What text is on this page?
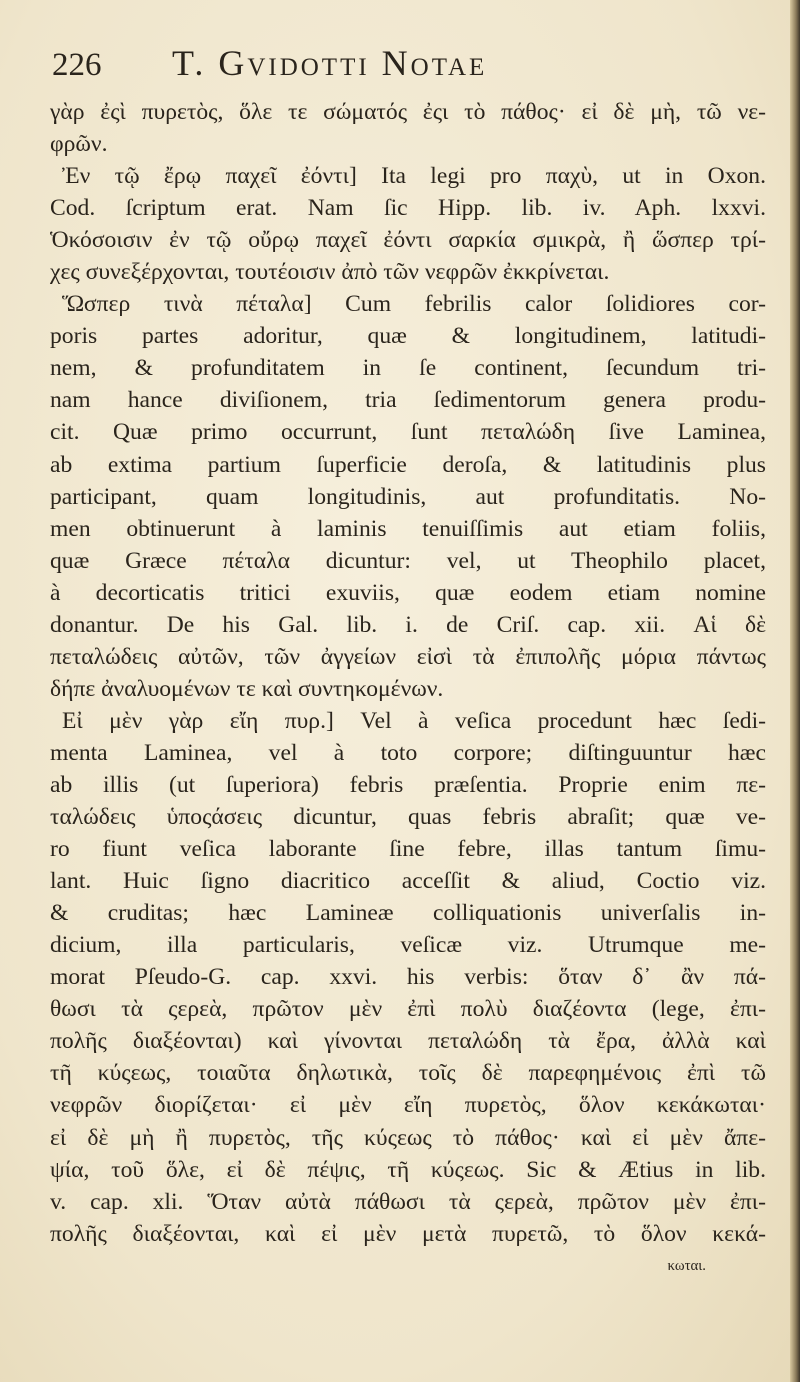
226	T. Gvidotti Notae
γὰρ ἐςὶ πυρετὸς, ὅλε τε σώματός ἐςι τὸ πάθος· εἰ δὲ μὴ, τῶ νε-
φρῶν.
Ἐν τῷ ἔρῳ παχεῖ ἐόντι] Ita legi pro παχὺ, ut in Oxon.
Cod. ſcriptum erat. Nam ſic Hipp. lib. iv. Aph. lxxvi.
Ὁκόσοισιν ἐν τῷ οὔρῳ παχεῖ ἐόντι σαρκία σμικρὰ, ἢ ὥσπερ τρί-
χες συνεξέρχονται, τουτέοισιν ἀπὸ τῶν νεφρῶν ἐκκρίνεται.
Ὥσπερ τινὰ πέταλα] Cum febrilis calor ſolidiores cor-
poris partes adoritur, quæ & longitudinem, latitudi-
nem, & profunditatem in ſe continent, ſecundum tri-
nam hance diviſionem, tria ſedimentorum genera produ-
cit. Quæ primo occurrunt, ſunt πεταλώδη ſive Laminea,
ab extima partium ſuperficie deroſa, & latitudinis plus
participant, quam longitudinis, aut profunditatis. No-
men obtinuerunt à laminis tenuiſſimis aut etiam foliis,
quæ Græce πέταλα dicuntur: vel, ut Theophilo placet,
à decorticatis tritici exuviis, quæ eodem etiam nomine
donantur. De his Gal. lib. i. de Criſ. cap. xii. Αἱ δὲ
πεταλώδεις αὐτῶν, τῶν ἀγγείων εἰσὶ τὰ ἐπιπολῆς μόρια πάντως
δήπε ἀναλυομένων τε καὶ συντηκομένων.
Εἰ μὲν γὰρ εἴη πυρ.] Vel à veſica procedunt hæc ſedi-
menta Laminea, vel à toto corpore; diſtinguuntur hæc
ab illis (ut ſuperiora) febris præſentia. Proprie enim πε-
ταλώδεις ὑποςάσεις dicuntur, quas febris abraſit; quæ ve-
ro fiunt veſica laborante ſine febre, illas tantum ſimu-
lant. Huic ſigno diacritico acceſſit & aliud, Coctio viz.
& cruditas; hæc Lamineæ colliquationis univerſalis in-
dicium, illa particularis, veſicæ viz. Utrumque me-
morat Pſeudo-G. cap. xxvi. his verbis: ὅταν δ᾽ ἂν πά-
θωσι τὰ ςερεὰ, πρῶτον μὲν ἐπὶ πολὺ διαζέοντα (lege, ἐπι-
πολῆς διαξέονται) καὶ γίνονται πεταλώδη τὰ ἔρα, ἀλλὰ καὶ
τῆ κύςεως, τοιαῦτα δηλωτικὰ, τοῖς δὲ παρεφημένοις ἐπὶ τῶ
νεφρῶν διορίζεται· εἰ μὲν εἴη πυρετὸς, ὅλον κεκάκωται·
εἰ δὲ μὴ ἢ πυρετὸς, τῆς κύςεως τὸ πάθος· καὶ εἰ μὲν ἄπε-
ψία, τοῦ ὅλε, εἰ δὲ πέψις, τῆ κύςεως. Sic & Ætius in lib.
v. cap. xli. Ὅταν αὐτὰ πάθωσι τὰ ςερεὰ, πρῶτον μὲν ἐπι-
πολῆς διαξέονται, καὶ εἰ μὲν μετὰ πυρετῶ, τὸ ὅλον κεκά-
κωται.
